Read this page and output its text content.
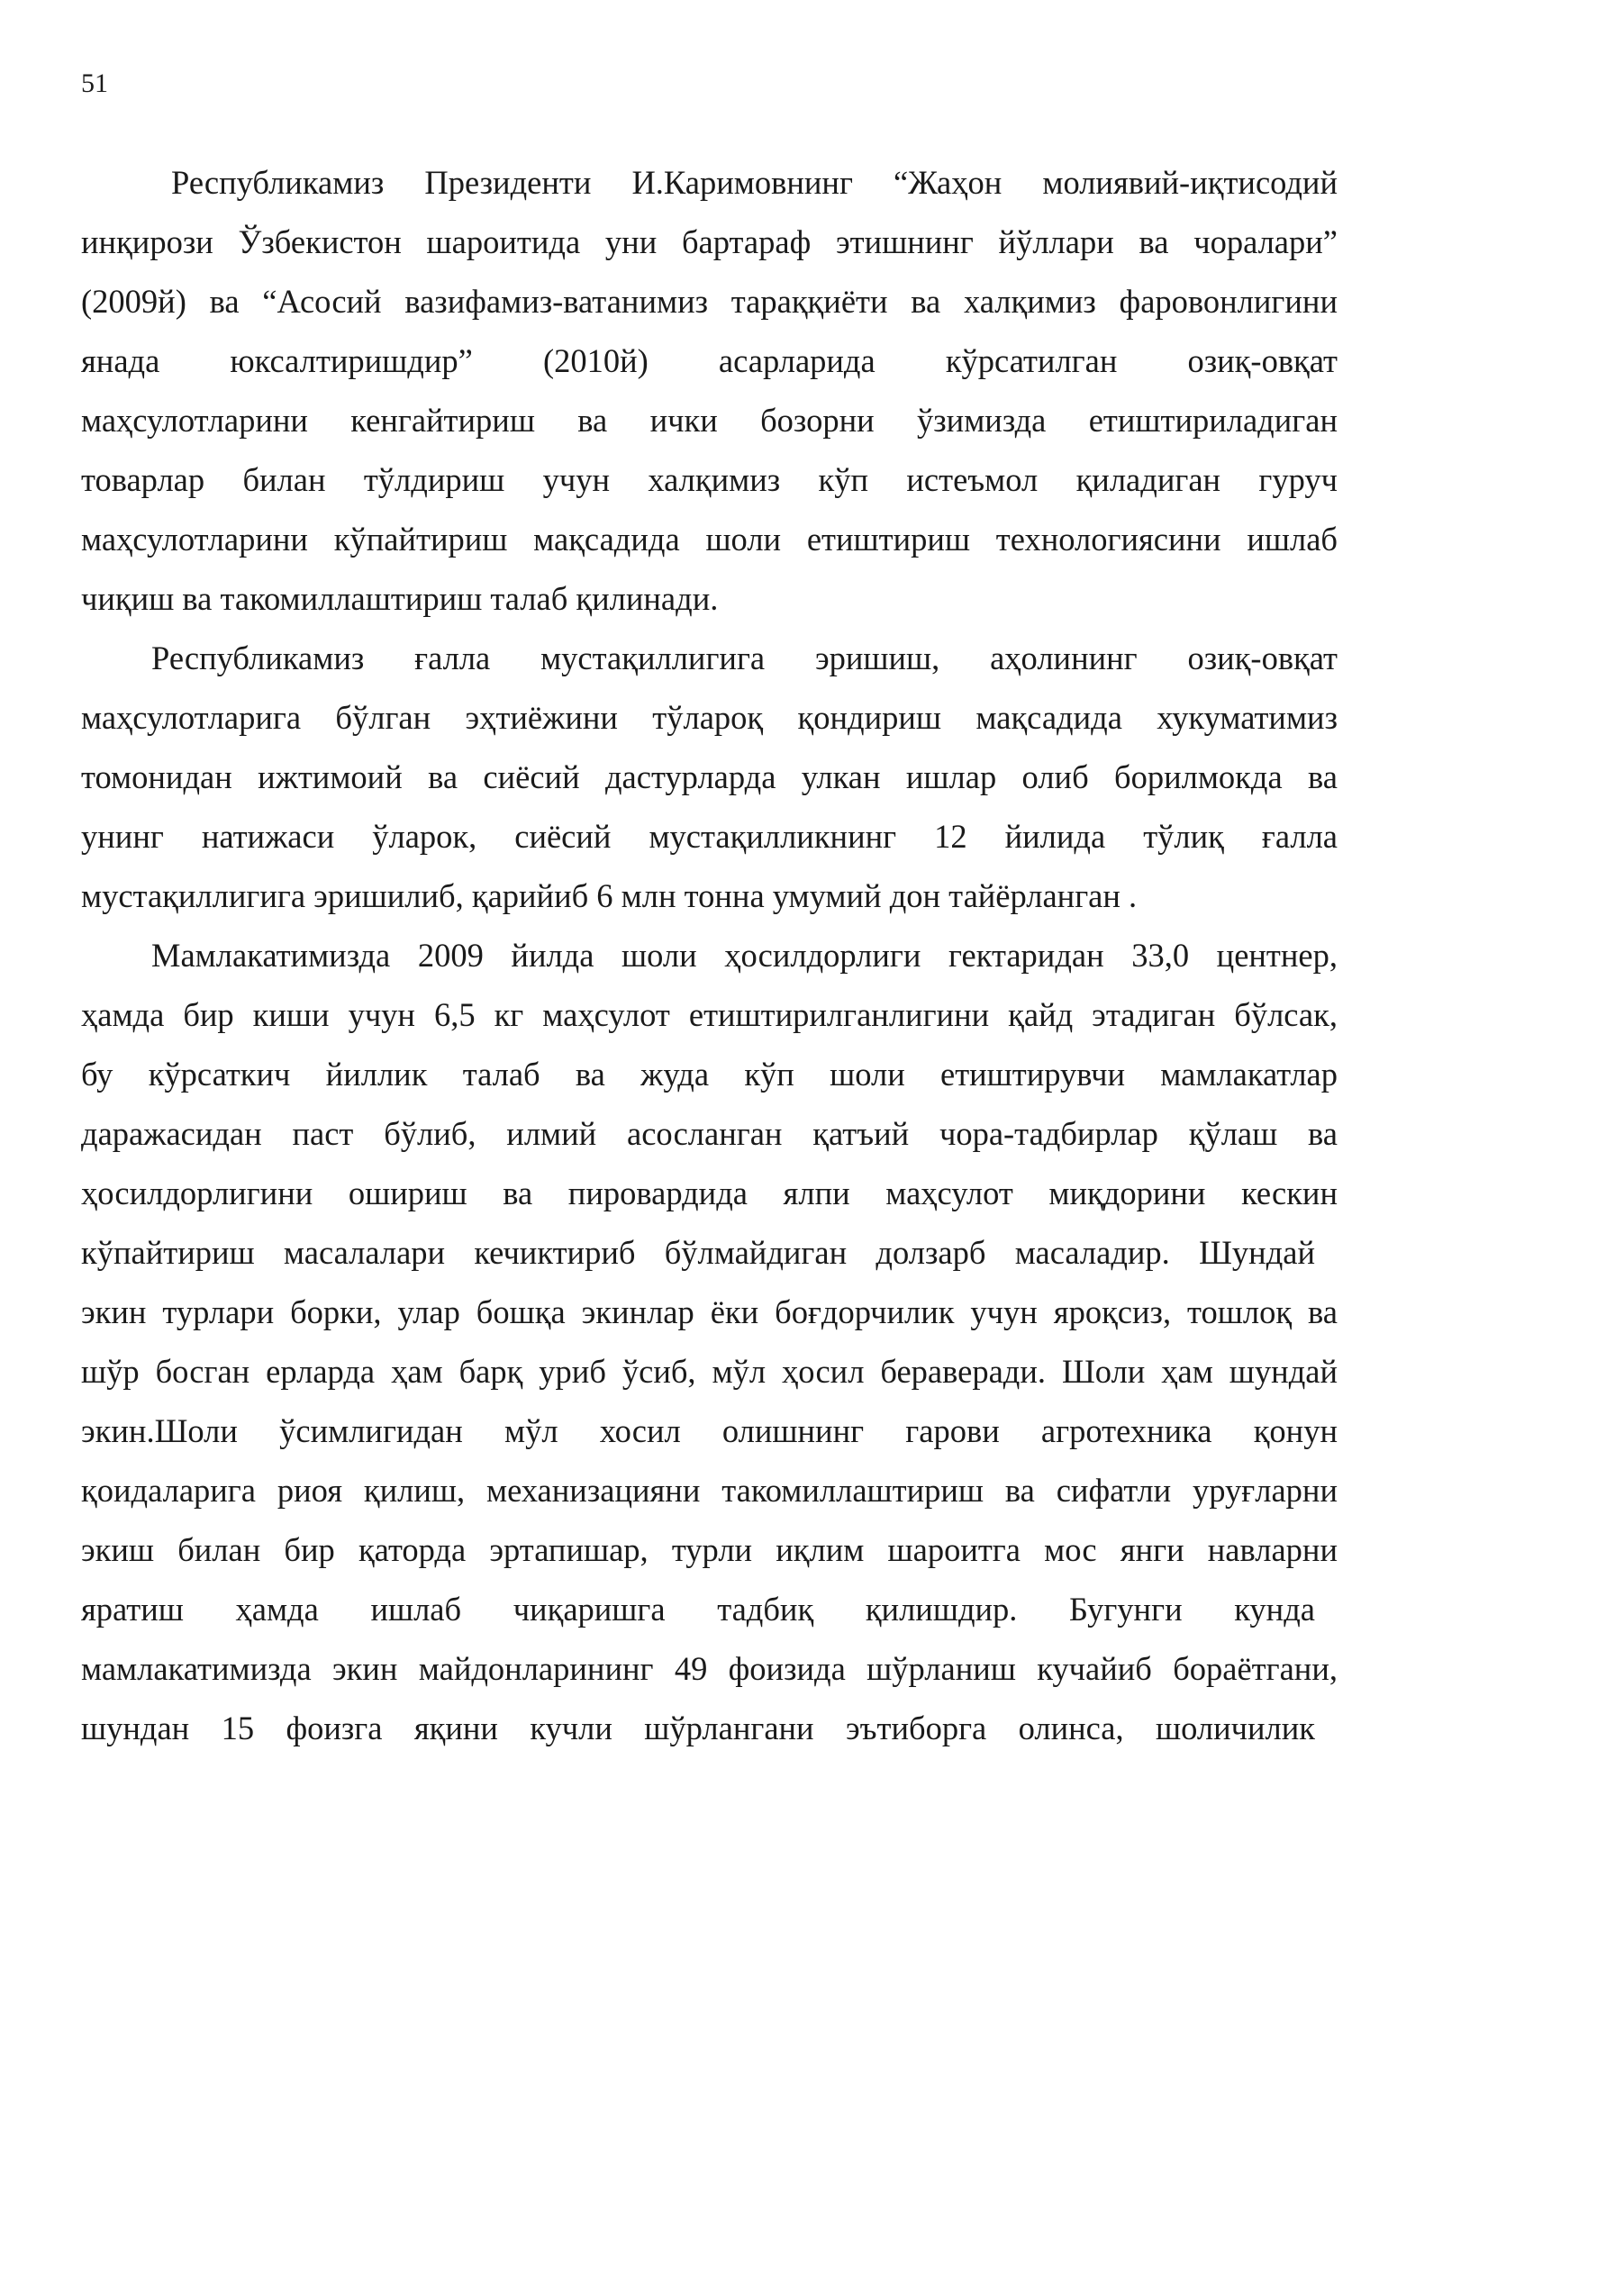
51
Республикамиз Президенти И.Каримовнинг “Жаҳон молиявий-иқтисодий
инқирози Ўзбекистон шароитида уни бартараф этишнинг йўллари ва чоралари”
(2009й) ва “Асосий вазифамиз-ватанимиз тараққиёти ва халқимиз фаровонлигини
янада юксалтиришдир” (2010й) асарларида кўрсатилган озиқ-овқат
маҳсулотларини кенгайтириш ва ички бозорни ўзимизда етиштириладиган
товарлар билан тўлдириш учун халқимиз кўп истеъмол қиладиган гуруч
маҳсулотларини кўпайтириш мақсадида шоли етиштириш технологиясини ишлаб
чиқиш ва такомиллаштириш талаб қилинади.
Республикамиз ғалла мустақиллигига эришиш, аҳолининг озиқ-овқат
маҳсулотларига бўлган эҳтиёжини тўлароқ қондириш мақсадида хукуматимиз
томонидан ижтимоий ва сиёсий дастурларда улкан ишлар олиб борилмокда ва
унинг натижаси ўларок, сиёсий мустақилликнинг 12 йилида тўлиқ ғалла
мустақиллигига эришилиб, қарийиб 6 млн тонна умумий дон тайёрланган .
Мамлакатимизда 2009 йилда шоли ҳосилдорлиги гектаридан 33,0 центнер,
ҳамда бир киши учун 6,5 кг маҳсулот етиштирилганлигини қайд этадиган бўлсак,
бу кўрсаткич йиллик талаб ва жуда кўп шоли етиштирувчи мамлакатлар
даражасидан паст бўлиб, илмий асосланган қатъий чора-тадбирлар қўлаш ва
ҳосилдорлигини ошириш ва пировардида ялпи маҳсулот миқдорини кескин
кўпайтириш масалалари кечиктириб бўлмайдиган долзарб масаладир. Шундай
экин турлари борки, улар бошқа экинлар ёки боғдорчилик учун яроқсиз, тошлоқ ва
шўр босган ерларда ҳам барқ уриб ўсиб, мўл ҳосил бераверади. Шоли ҳам шундай
экин.Шоли ўсимлигидан мўл хосил олишнинг гарови агротехника қонун
қоидаларига риоя қилиш, механизацияни такомиллаштириш ва сифатли уруғларни
экиш билан бир қаторда эртапишар, турли иқлим шароитга мос янги навларни
яратиш ҳамда ишлаб чиқаришга тадбиқ қилишдир. Бугунги кунда
мамлакатимизда экин майдонларининг 49 фоизида шўрланиш кучайиб бораётгани,
шундан 15 фоизга яқини кучли шўрлангани эътиборга олинса, шоличилик
